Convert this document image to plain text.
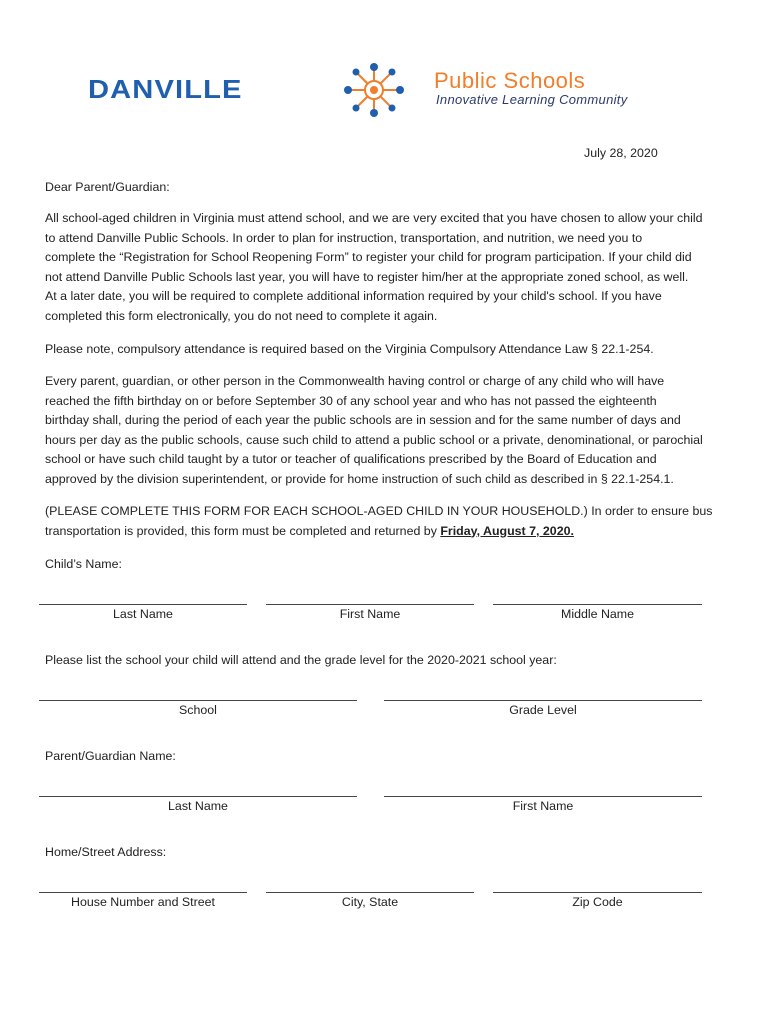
DANVILLE	Public Schools
Innovative Learning Community
July 28, 2020
Dear Parent/Guardian:
All school-aged children in Virginia must attend school, and we are very excited that you have chosen to allow your child
to attend Danville Public Schools. In order to plan for instruction, transportation, and nutrition, we need you to
complete the “Registration for School Reopening Form” to register your child for program participation. If your child did
not attend Danville Public Schools last year, you will have to register him/her at the appropriate zoned school, as well.
At a later date, you will be required to complete additional information required by your child's school. If you have
completed this form electronically, you do not need to complete it again.
Please note, compulsory attendance is required based on the Virginia Compulsory Attendance Law § 22.1-254.
Every parent, guardian, or other person in the Commonwealth having control or charge of any child who will have
reached the fifth birthday on or before September 30 of any school year and who has not passed the eighteenth
birthday shall, during the period of each year the public schools are in session and for the same number of days and
hours per day as the public schools, cause such child to attend a public school or a private, denominational, or parochial
school or have such child taught by a tutor or teacher of qualifications prescribed by the Board of Education and
approved by the division superintendent, or provide for home instruction of such child as described in § 22.1-254.1.
(PLEASE COMPLETE THIS FORM FOR EACH SCHOOL-AGED CHILD IN YOUR HOUSEHOLD.) In order to ensure bus
transportation is provided, this form must be completed and returned by Friday, August 7, 2020.
Child’s Name:
Last Name	First Name	Middle Name
Please list the school your child will attend and the grade level for the 2020-2021 school year:
School	Grade Level
Parent/Guardian Name:
Last Name	First Name
Home/Street Address:
House Number and Street	City, State	Zip Code
